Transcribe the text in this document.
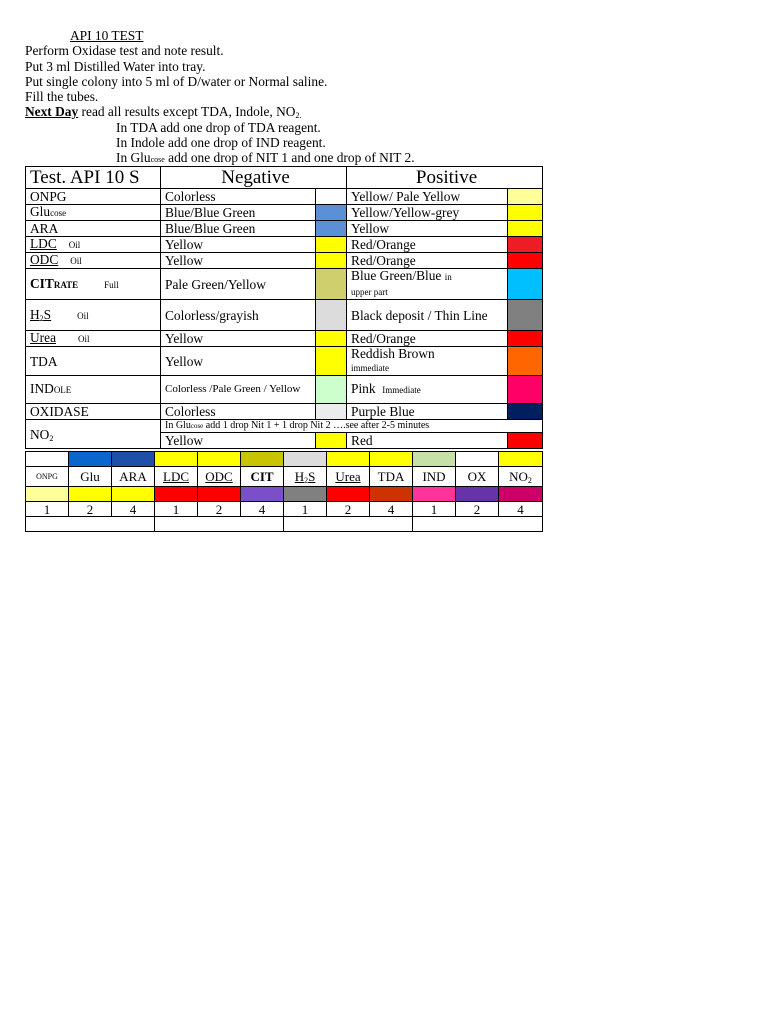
API 10 TEST
Perform Oxidase test and note result.
Put 3 ml Distilled Water into tray.
Put single colony into 5 ml of D/water or Normal saline.
Fill the tubes.
Next Day read all results except TDA, Indole, $NO_{2.}$
In TDA add one drop of TDA reagent.
In Indole add one drop of IND reagent.
In Glucose add one drop of NIT 1 and one drop of NIT 2.
Test. API 10 S	Negative		Positive	
ONPG	Colorless		Yellow/ Pale Yellow	
Glucose	Blue/Blue Green		Yellow/Yellow-grey	
ARA	Blue/Blue Green		Yellow	
LDC Oil	Yellow		Red/Orange	
ODC Oil	Yellow		Red/Orange	
CITRATE Full	Pale Green/Yellow		Blue Green/Blue in
upper part	
$H_2S$ Oil	Colorless/grayish		Black deposit / Thin Line	
Urea Oil	Yellow		Red/Orange	
TDA	Yellow		Reddish Brown
immediate	
INDOLE	Colorless /Pale Green / Yellow		Pink Immediate	
OXIDASE	Colorless		Purple Blue	
$NO_2$	In Glucose add 1 drop Nit 1 + 1 drop Nit 2 ….see after 2-5 minutes			
	Yellow		Red	

ONPG	Glu	ARA	LDC	ODC	CIT	$H_2S$	Urea	TDA	IND	OX	$NO_2$

1	2	4	1	2	4	1	2	4	1	2	4
